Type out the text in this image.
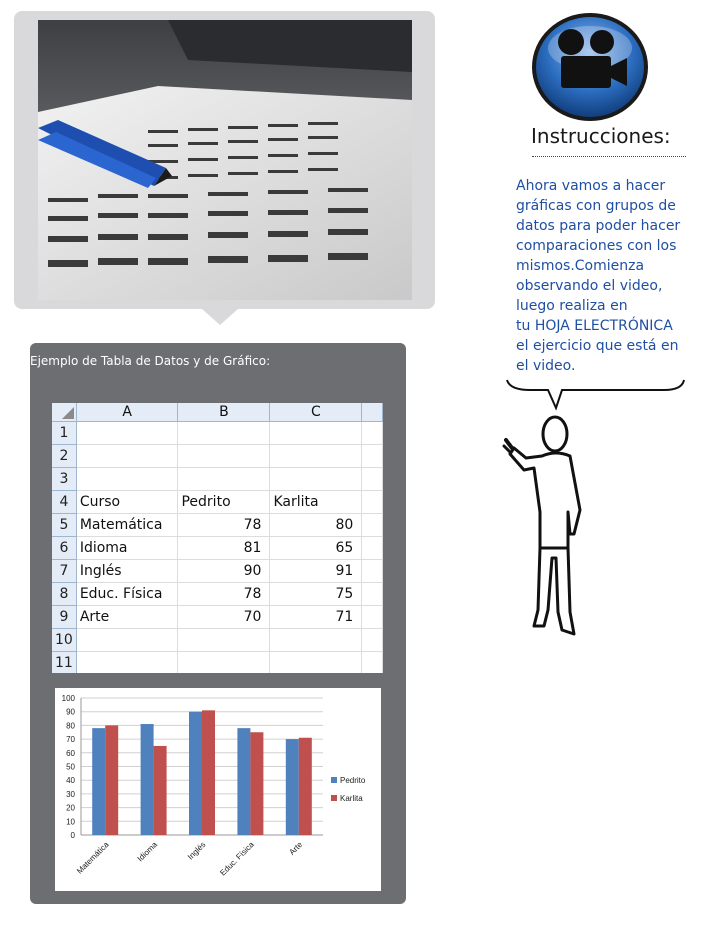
Ejemplo de Tabla de Datos y de Gráfico:
	A	B	C	
1				
2				
3				
4	Curso	Pedrito	Karlita	
5	Matemática	78	80	
6	Idioma	81	65	
7	Inglés	90	91	
8	Educ. Física	78	75	
9	Arte	70	71	
10				
11				
0
10
20
30
40
50
60
70
80
90
100
Matemática	Idioma	Inglés Educ. Física	Arte
Pedrito
Karlita
Instrucciones:
Ahora vamos a hacer
gráficas con grupos de
datos para poder hacer
comparaciones con los
mismos.Comienza
observando el video,
luego realiza en
tu HOJA ELECTRÓNICA
el ejercicio que está en
el video.
